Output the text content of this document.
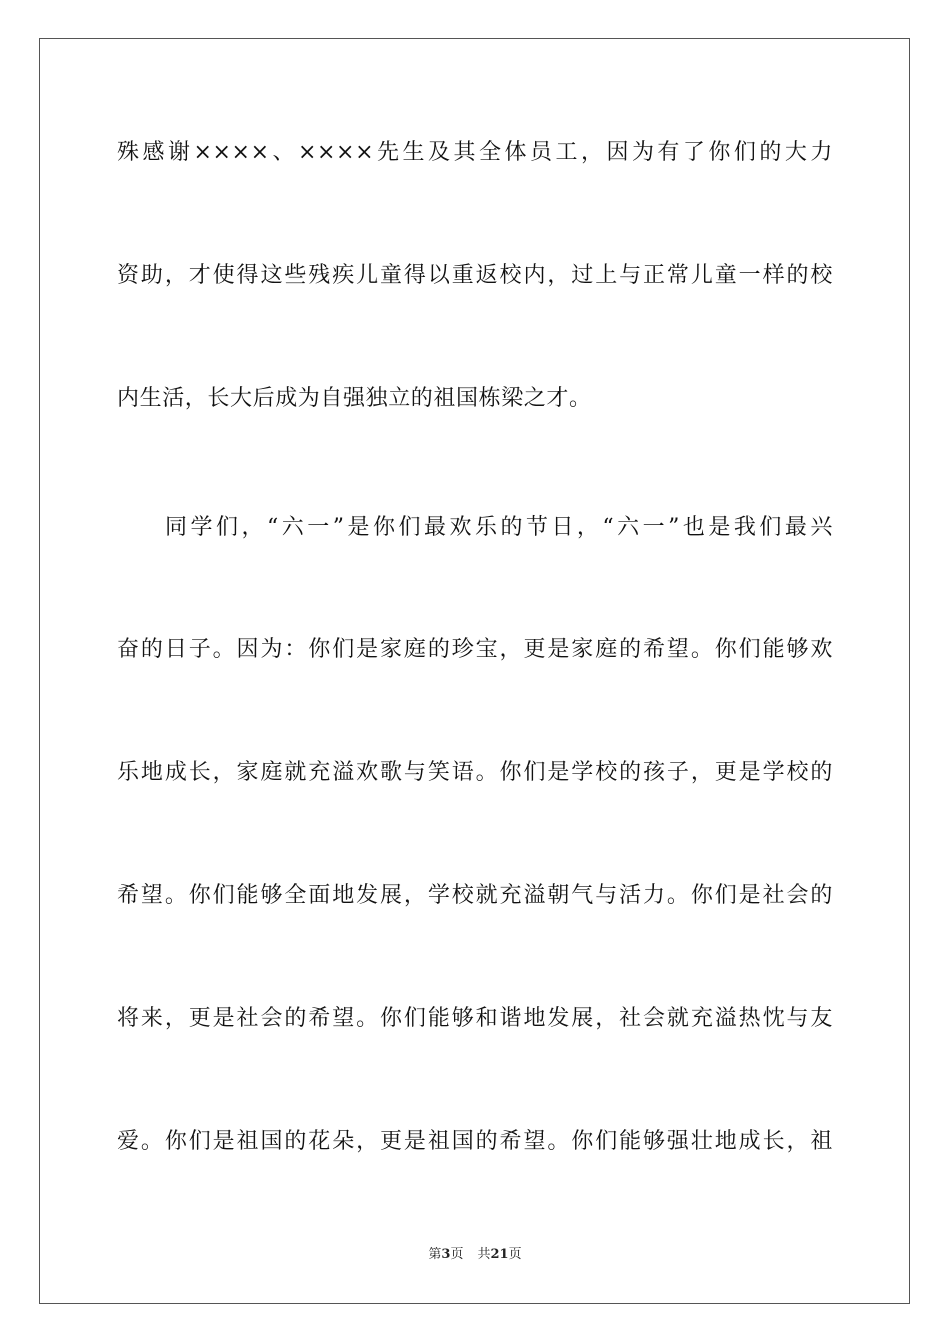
殊感谢××××、××××先生及其全体员工，因为有了你们的大力
资助，才使得这些残疾儿童得以重返校内，过上与正常儿童一样的校
内生活，长大后成为自强独立的祖国栋梁之才。
同学们，“六一”是你们最欢乐的节日，“六一”也是我们最兴
奋的日子。因为：你们是家庭的珍宝，更是家庭的希望。你们能够欢
乐地成长，家庭就充溢欢歌与笑语。你们是学校的孩子，更是学校的
希望。你们能够全面地发展，学校就充溢朝气与活力。你们是社会的
将来，更是社会的希望。你们能够和谐地发展，社会就充溢热忱与友
爱。你们是祖国的花朵，更是祖国的希望。你们能够强壮地成长，祖
第3页 共21页
